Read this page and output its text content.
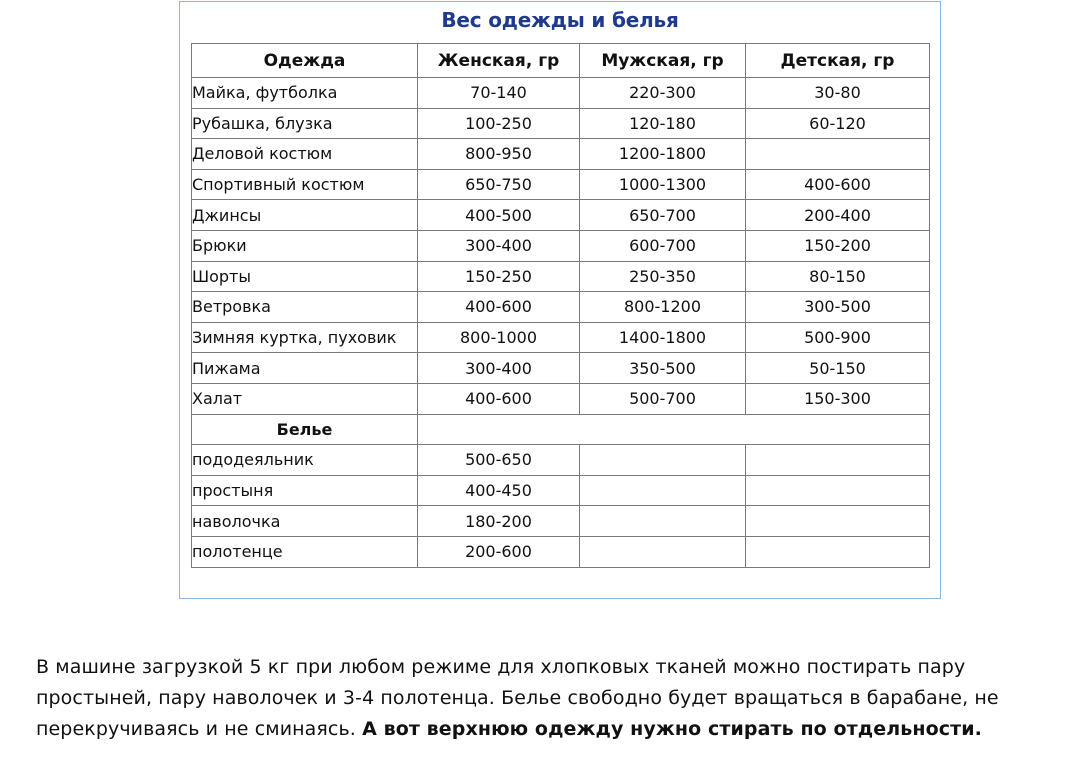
Вес одежды и белья
Одежда	Женская, гр	Мужская, гр	Детская, гр
Майка, футболка	70-140	220-300	30-80
Рубашка, блузка	100-250	120-180	60-120
Деловой костюм	800-950	1200-1800	
Спортивный костюм	650-750	1000-1300	400-600
Джинсы	400-500	650-700	200-400
Брюки	300-400	600-700	150-200
Шорты	150-250	250-350	80-150
Ветровка	400-600	800-1200	300-500
Зимняя куртка, пуховик	800-1000	1400-1800	500-900
Пижама	300-400	350-500	50-150
Халат	400-600	500-700	150-300
Белье			
пододеяльник	500-650		
простыня	400-450		
наволочка	180-200		
полотенце	200-600		

В машине загрузкой 5 кг при любом режиме для хлопковых тканей можно постирать пару простыней, пару наволочек и 3-4 полотенца. Белье свободно будет вращаться в барабане, не перекручиваясь и не сминаясь. А вот верхнюю одежду нужно стирать по отдельности.
